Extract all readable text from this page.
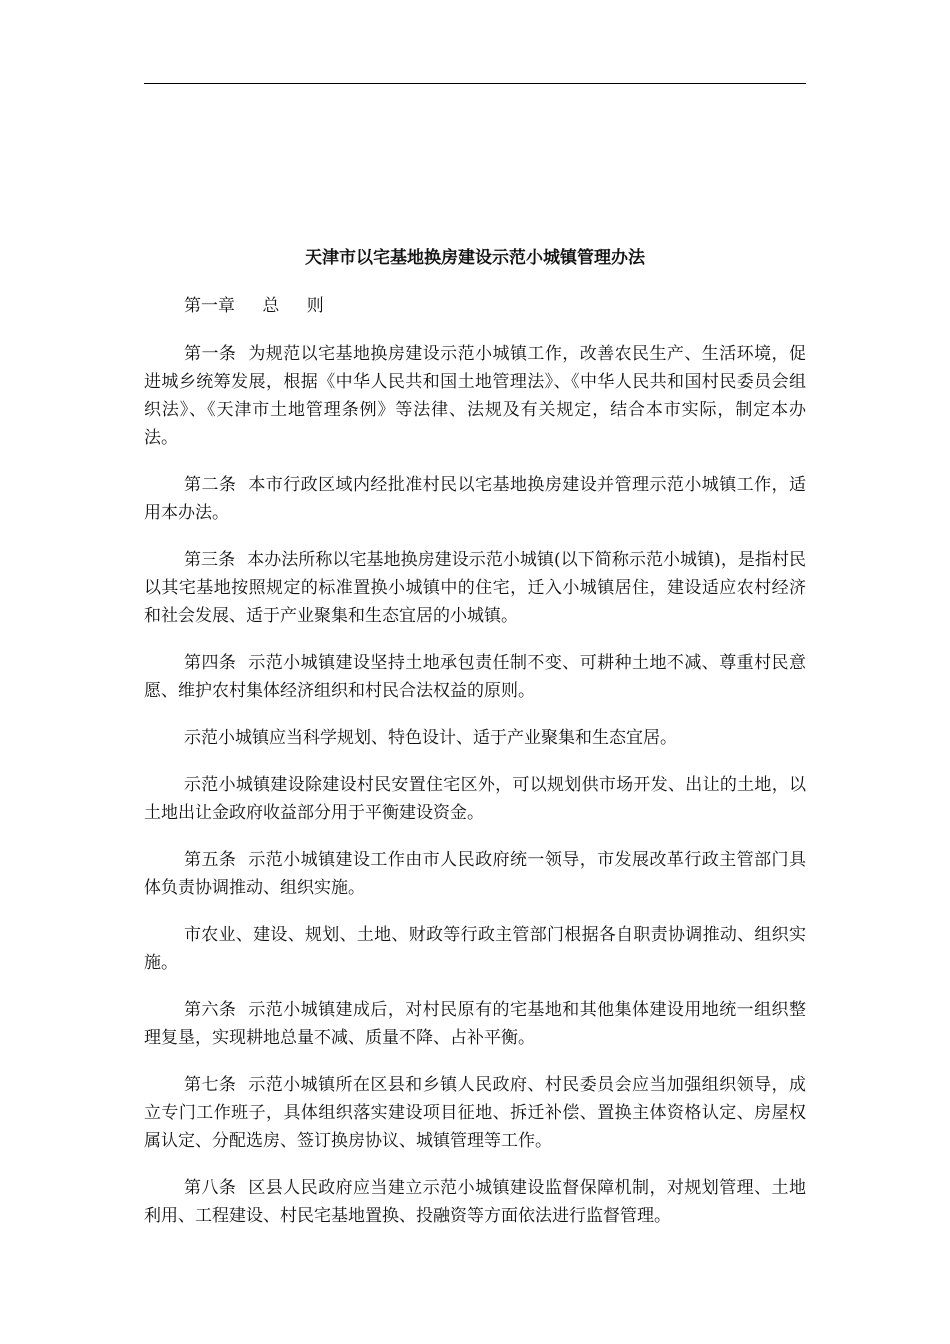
天津市以宅基地换房建设示范小城镇管理办法
第一章 总 则

第一条 为规范以宅基地换房建设示范小城镇工作，改善农民生产、生活环境，促进城乡统筹发展，根据《中华人民共和国土地管理法》、《中华人民共和国村民委员会组织法》、《天津市土地管理条例》等法律、法规及有关规定，结合本市实际，制定本办法。

第二条 本市行政区域内经批准村民以宅基地换房建设并管理示范小城镇工作，适用本办法。

第三条 本办法所称以宅基地换房建设示范小城镇(以下简称示范小城镇)，是指村民以其宅基地按照规定的标准置换小城镇中的住宅，迁入小城镇居住，建设适应农村经济和社会发展、适于产业聚集和生态宜居的小城镇。

第四条 示范小城镇建设坚持土地承包责任制不变、可耕种土地不减、尊重村民意愿、维护农村集体经济组织和村民合法权益的原则。

示范小城镇应当科学规划、特色设计、适于产业聚集和生态宜居。

示范小城镇建设除建设村民安置住宅区外，可以规划供市场开发、出让的土地，以土地出让金政府收益部分用于平衡建设资金。

第五条 示范小城镇建设工作由市人民政府统一领导，市发展改革行政主管部门具体负责协调推动、组织实施。

市农业、建设、规划、土地、财政等行政主管部门根据各自职责协调推动、组织实施。

第六条 示范小城镇建成后，对村民原有的宅基地和其他集体建设用地统一组织整理复垦，实现耕地总量不减、质量不降、占补平衡。

第七条 示范小城镇所在区县和乡镇人民政府、村民委员会应当加强组织领导，成立专门工作班子，具体组织落实建设项目征地、拆迁补偿、置换主体资格认定、房屋权属认定、分配选房、签订换房协议、城镇管理等工作。

第八条 区县人民政府应当建立示范小城镇建设监督保障机制，对规划管理、土地利用、工程建设、村民宅基地置换、投融资等方面依法进行监督管理。
